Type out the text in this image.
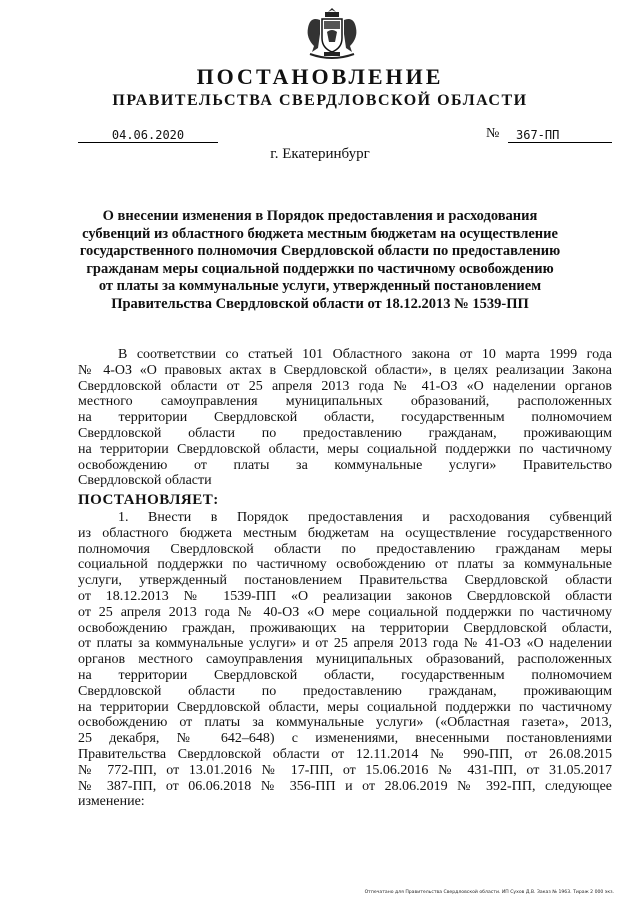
ПОСТАНОВЛЕНИЕ
ПРАВИТЕЛЬСТВА СВЕРДЛОВСКОЙ ОБЛАСТИ
04.06.2020	№	367-ПП
г. Екатеринбург
О внесении изменения в Порядок предоставления и расходования
субвенций из областного бюджета местным бюджетам на осуществление
государственного полномочия Свердловской области по предоставлению
гражданам меры социальной поддержки по частичному освобождению
от платы за коммунальные услуги, утвержденный постановлением
Правительства Свердловской области от 18.12.2013 № 1539-ПП
В соответствии со статьей 101 Областного закона от 10 марта 1999 года
№ 4-ОЗ «О правовых актах в Свердловской области», в целях реализации Закона
Свердловской области от 25 апреля 2013 года № 41-ОЗ «О наделении органов
местного самоуправления муниципальных образований, расположенных
на территории Свердловской области, государственным полномочием
Свердловской области по предоставлению гражданам, проживающим
на территории Свердловской области, меры социальной поддержки по частичному
освобождению от платы за коммунальные услуги» Правительство
Свердловской области
ПОСТАНОВЛЯЕТ:
1. Внести в Порядок предоставления и расходования субвенций
из областного бюджета местным бюджетам на осуществление государственного
полномочия Свердловской области по предоставлению гражданам меры
социальной поддержки по частичному освобождению от платы за коммунальные
услуги, утвержденный постановлением Правительства Свердловской области
от 18.12.2013 № 1539-ПП «О реализации законов Свердловской области
от 25 апреля 2013 года № 40-ОЗ «О мере социальной поддержки по частичному
освобождению граждан, проживающих на территории Свердловской области,
от платы за коммунальные услуги» и от 25 апреля 2013 года № 41-ОЗ «О наделении
органов местного самоуправления муниципальных образований, расположенных
на территории Свердловской области, государственным полномочием
Свердловской области по предоставлению гражданам, проживающим
на территории Свердловской области, меры социальной поддержки по частичному
освобождению от платы за коммунальные услуги» («Областная газета», 2013,
25 декабря, № 642–648) с изменениями, внесенными постановлениями
Правительства Свердловской области от 12.11.2014 № 990-ПП, от 26.08.2015
№ 772-ПП, от 13.01.2016 № 17-ПП, от 15.06.2016 № 431-ПП, от 31.05.2017
№ 387-ПП, от 06.06.2018 № 356-ПП и от 28.06.2019 № 392-ПП, следующее
изменение:
Отпечатано для Правительства Свердловской области. ИП Сухов Д.В. Заказ № 1963. Тираж 2 000 экз.
